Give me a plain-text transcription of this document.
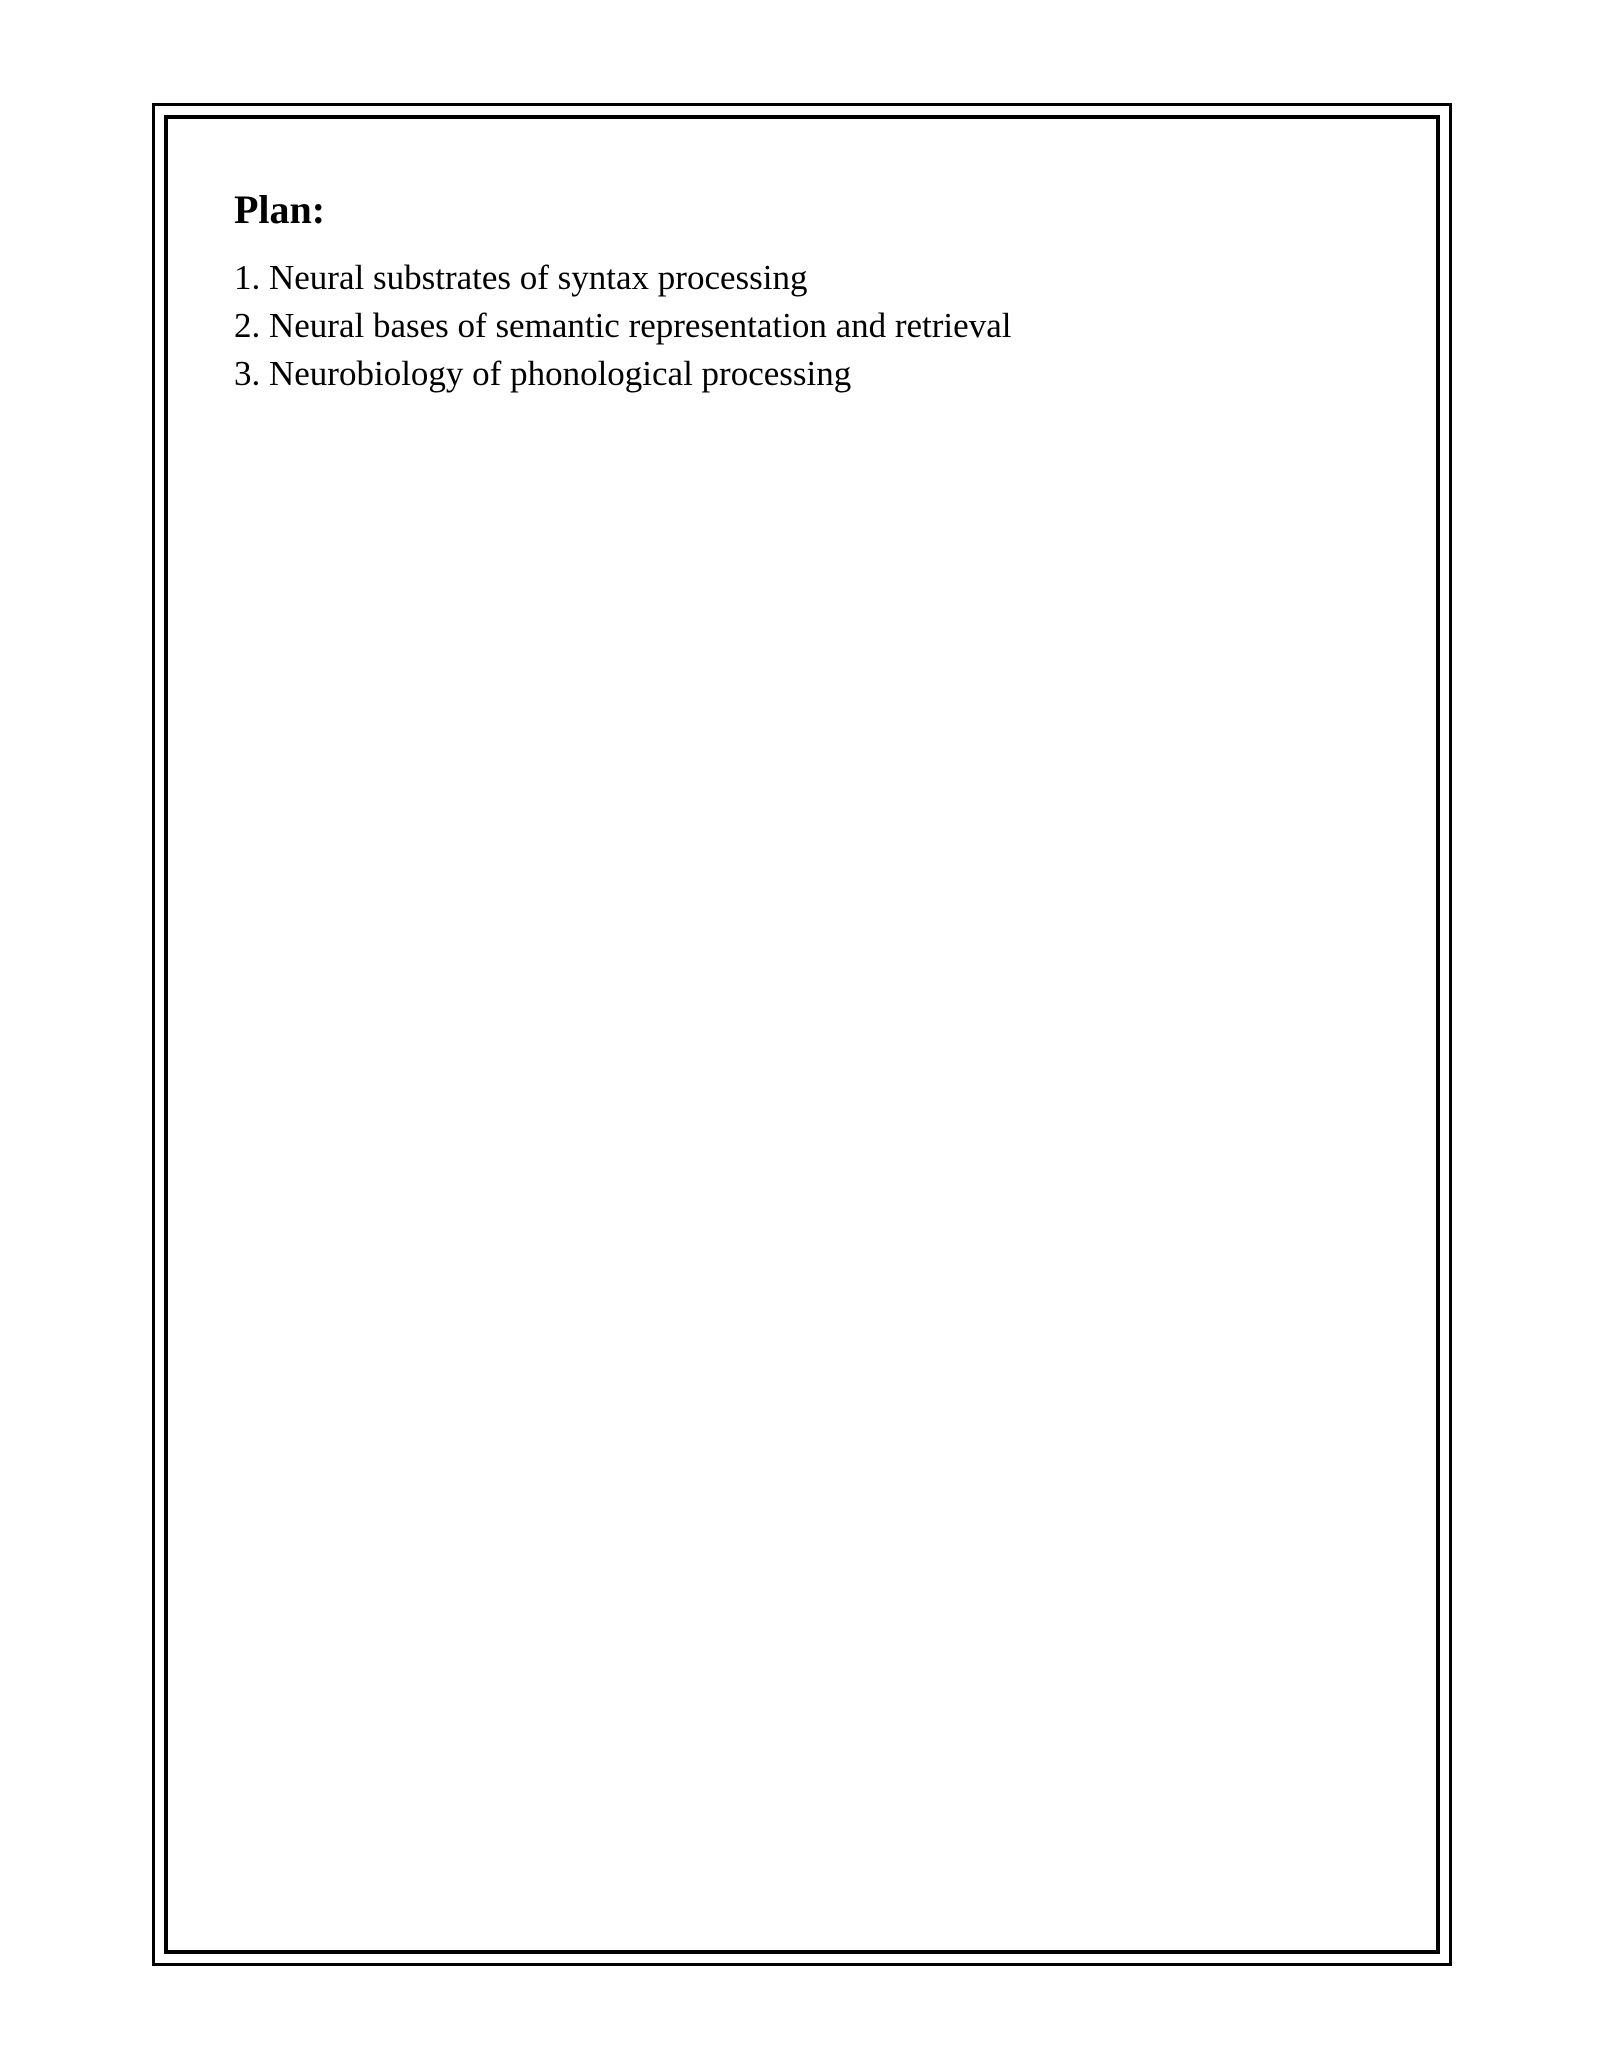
Plan:
1. Neural substrates of syntax processing
2. Neural bases of semantic representation and retrieval
3. Neurobiology of phonological processing
